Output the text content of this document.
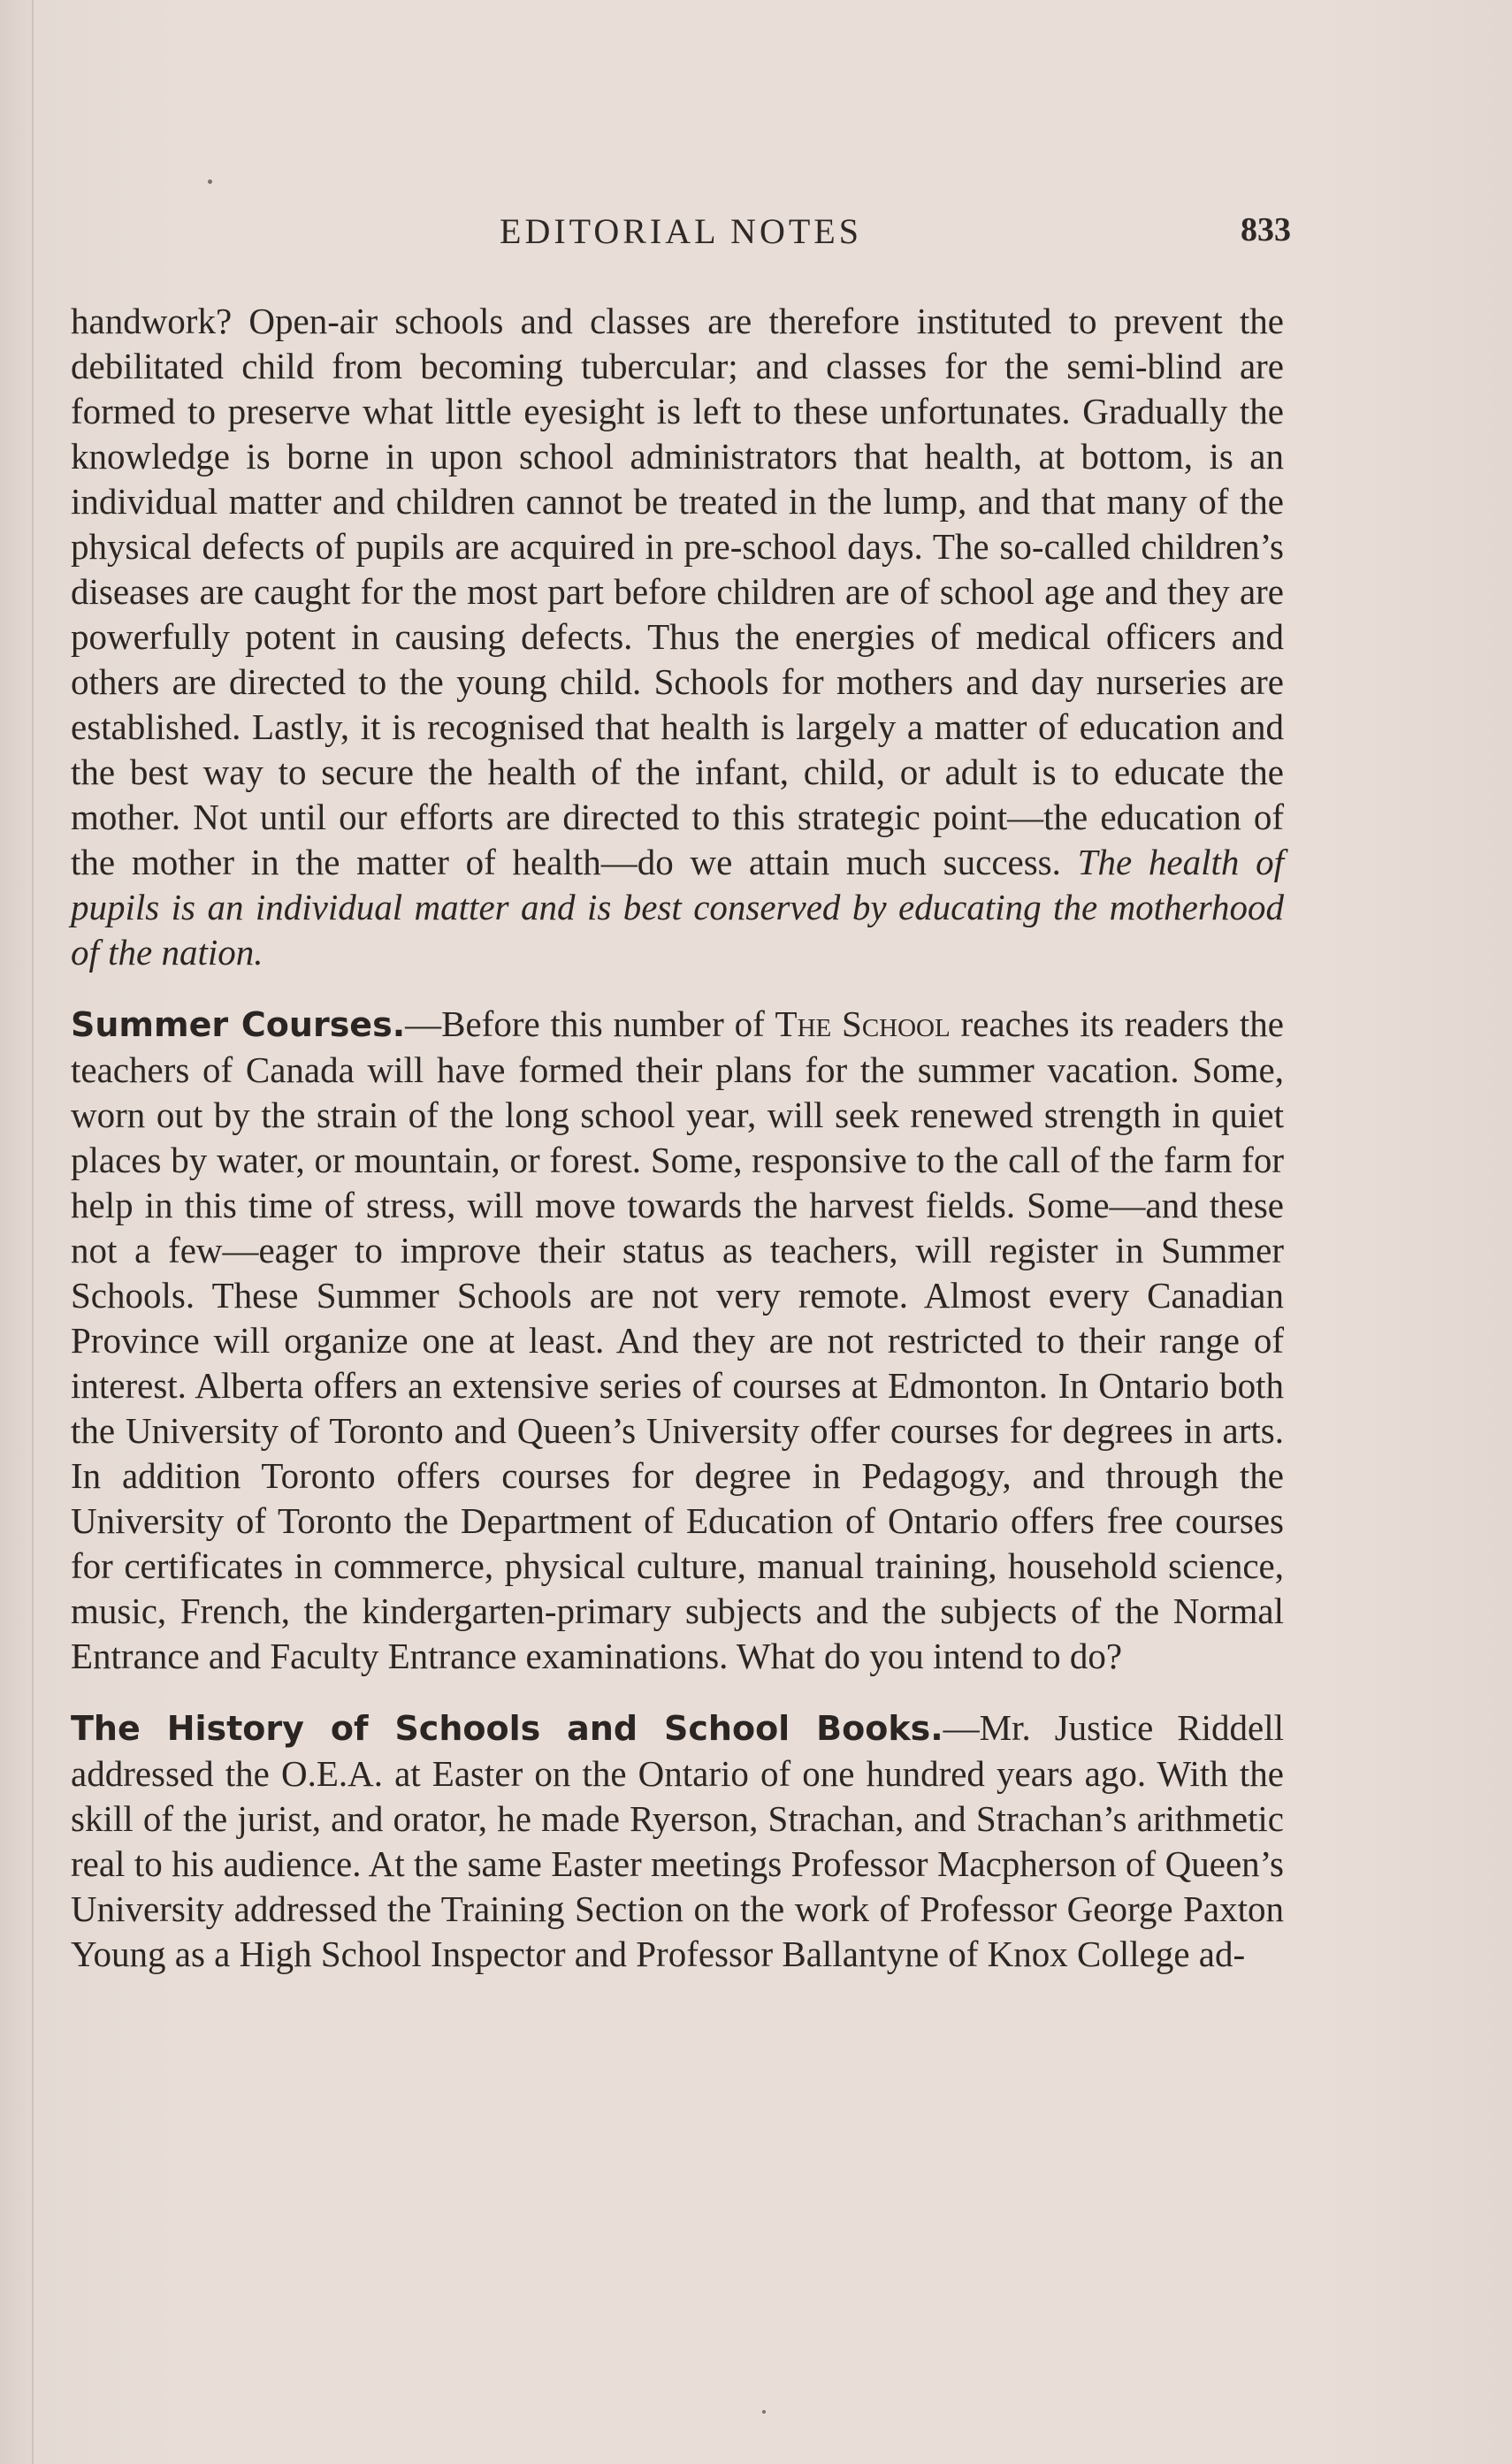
EDITORIAL NOTES	833

handwork? Open-air schools and classes are therefore instituted to prevent the debilitated child from becoming tubercular; and classes for the semi-blind are formed to preserve what little eyesight is left to these unfortunates. Gradually the knowledge is borne in upon school administrators that health, at bottom, is an individual matter and children cannot be treated in the lump, and that many of the physical defects of pupils are acquired in pre-school days. The so-called children’s diseases are caught for the most part before children are of school age and they are powerfully potent in causing defects. Thus the energies of medical officers and others are directed to the young child. Schools for mothers and day nurseries are established. Lastly, it is recognised that health is largely a matter of education and the best way to secure the health of the infant, child, or adult is to educate the mother. Not until our efforts are directed to this strategic point—the education of the mother in the matter of health—do we attain much success. The health of pupils is an individual matter and is best conserved by educating the motherhood of the nation.

Summer Courses.—Before this number of The School reaches its readers the teachers of Canada will have formed their plans for the summer vacation. Some, worn out by the strain of the long school year, will seek renewed strength in quiet places by water, or mountain, or forest. Some, responsive to the call of the farm for help in this time of stress, will move towards the harvest fields. Some—and these not a few—eager to improve their status as teachers, will register in Summer Schools. These Summer Schools are not very remote. Almost every Canadian Province will organize one at least. And they are not restricted to their range of interest. Alberta offers an extensive series of courses at Edmonton. In Ontario both the University of Toronto and Queen’s University offer courses for degrees in arts. In addition Toronto offers courses for degree in Pedagogy, and through the University of Toronto the Department of Education of Ontario offers free courses for certificates in commerce, physical culture, manual training, household science, music, French, the kindergarten-primary subjects and the subjects of the Normal Entrance and Faculty Entrance examinations. What do you intend to do?

The History of Schools and School Books.—Mr. Justice Riddell addressed the O.E.A. at Easter on the Ontario of one hundred years ago. With the skill of the jurist, and orator, he made Ryerson, Strachan, and Strachan’s arithmetic real to his audience. At the same Easter meetings Professor Macpherson of Queen’s University addressed the Training Section on the work of Professor George Paxton Young as a High School Inspector and Professor Ballantyne of Knox College ad-
